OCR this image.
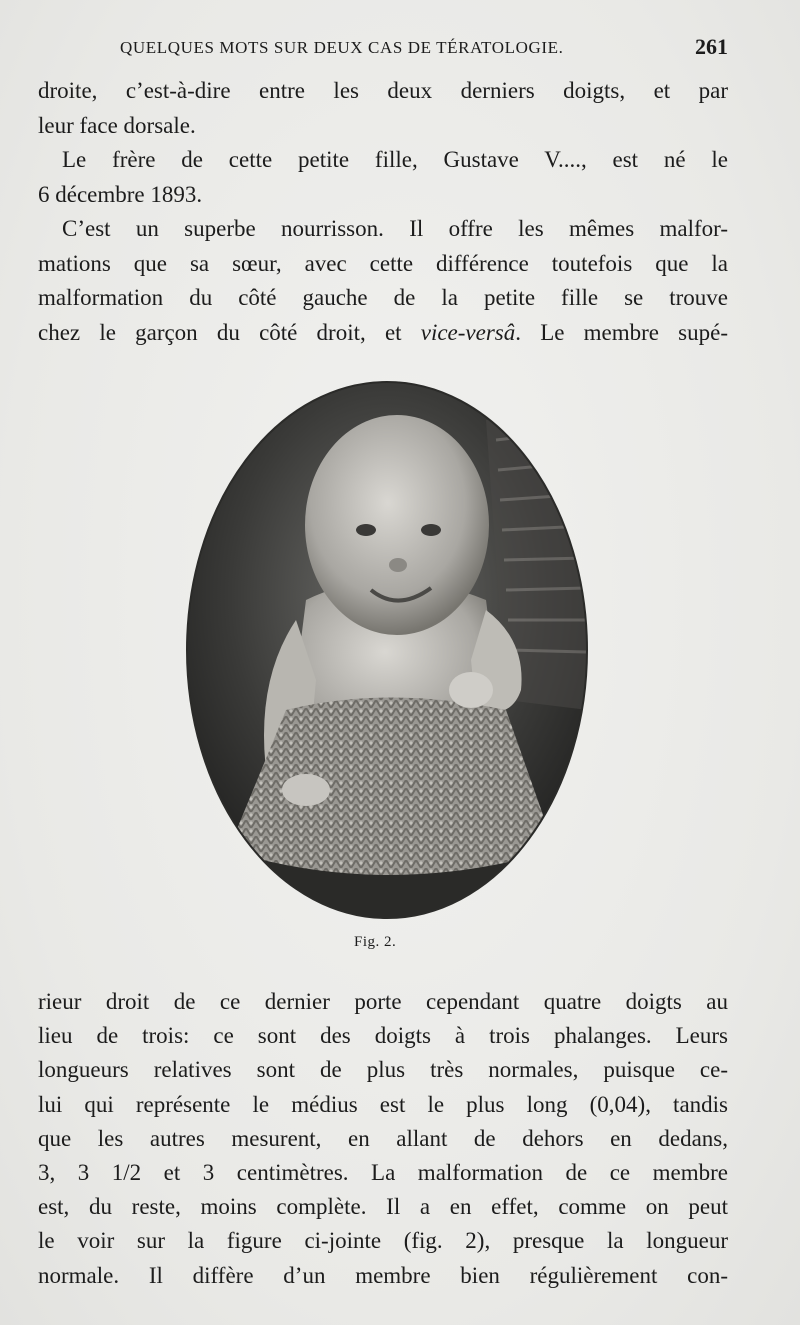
QUELQUES MOTS SUR DEUX CAS DE TÉRATOLOGIE.	261
droite, c’est-à-dire entre les deux derniers doigts, et par
leur face dorsale.
Le frère de cette petite fille, Gustave V...., est né le
6 décembre 1893.
C’est un superbe nourrisson. Il offre les mêmes malfor-
mations que sa sœur, avec cette différence toutefois que la
malformation du côté gauche de la petite fille se trouve
chez le garçon du côté droit, et vice-versâ. Le membre supé-
Fig. 2.
rieur droit de ce dernier porte cependant quatre doigts au
lieu de trois: ce sont des doigts à trois phalanges. Leurs
longueurs relatives sont de plus très normales, puisque ce-
lui qui représente le médius est le plus long (0,04), tandis
que les autres mesurent, en allant de dehors en dedans,
3, 3 1/2 et 3 centimètres. La malformation de ce membre
est, du reste, moins complète. Il a en effet, comme on peut
le voir sur la figure ci-jointe (fig. 2), presque la longueur
normale. Il diffère d’un membre bien régulièrement con-
